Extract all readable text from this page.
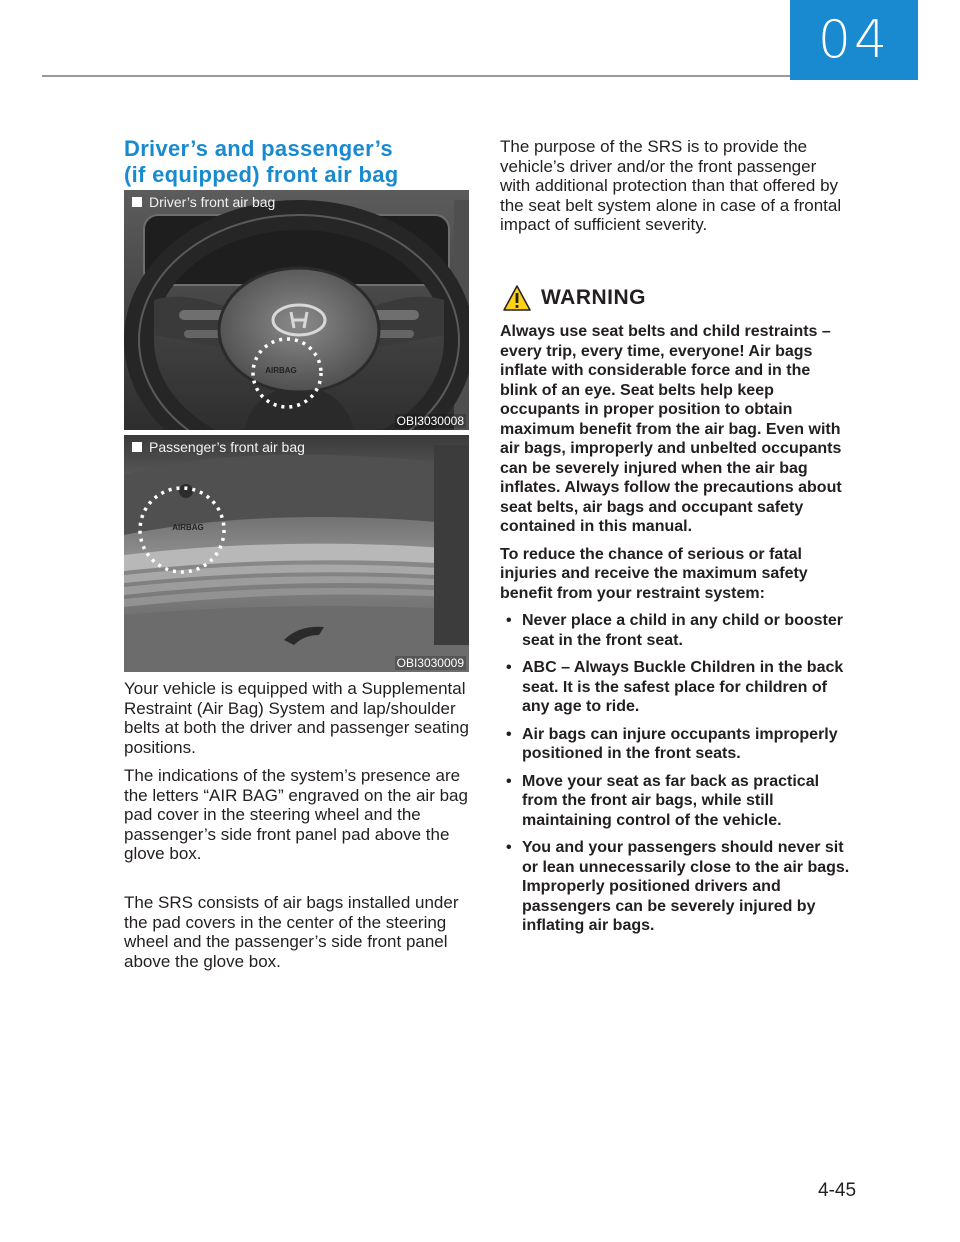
04
Driver’s and passenger’s
(if equipped) front air bag
AIRBAG
Driver’s front air bag
OBI3030008
AIRBAG
Passenger’s front air bag
OBI3030009

Your vehicle is equipped with a Supplemental Restraint (Air Bag) System and lap/shoulder belts at both the driver and passenger seating positions.

The indications of the system’s presence are the letters “AIR BAG” engraved on the air bag pad cover in the steering wheel and the passenger’s side front panel pad above the glove box.

The SRS consists of air bags installed under the pad covers in the center of the steering wheel and the passenger’s side front panel above the glove box.

The purpose of the SRS is to provide the vehicle’s driver and/or the front passenger with additional protection than that offered by the seat belt system alone in case of a frontal impact of sufficient severity.

WARNING

Always use seat belts and child restraints – every trip, every time, everyone! Air bags inflate with considerable force and in the blink of an eye. Seat belts help keep occupants in proper position to obtain maximum benefit from the air bag. Even with air bags, improperly and unbelted occupants can be severely injured when the air bag inflates. Always follow the precautions about seat belts, air bags and occupant safety contained in this manual.

To reduce the chance of serious or fatal injuries and receive the maximum safety benefit from your restraint system:

• Never place a child in any child or booster seat in the front seat.
• ABC – Always Buckle Children in the back seat. It is the safest place for children of any age to ride.
• Air bags can injure occupants improperly positioned in the front seats.
• Move your seat as far back as practical from the front air bags, while still maintaining control of the vehicle.
• You and your passengers should never sit or lean unnecessarily close to the air bags. Improperly positioned drivers and passengers can be severely injured by inflating air bags.
4-45
